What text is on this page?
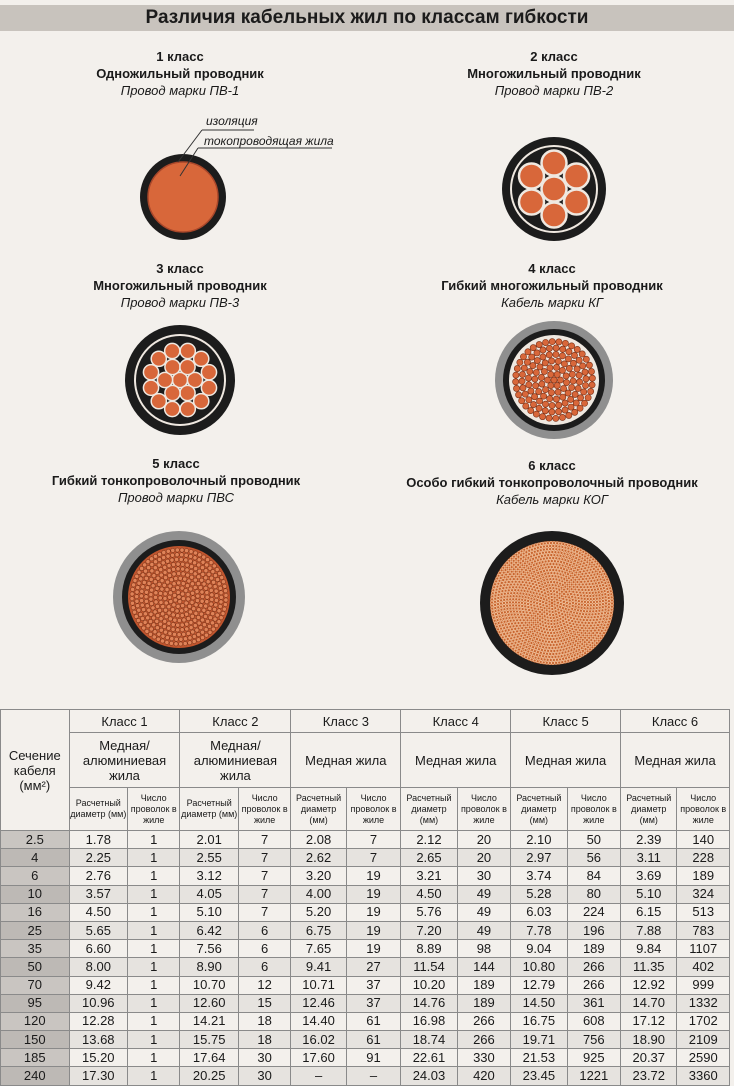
Различия кабельных жил по классам гибкости
1 класс
Одножильный проводник
Провод марки ПВ-1
2 класс
Многожильный проводник
Провод марки ПВ-2
3 класс
Многожильный проводник
Провод марки ПВ-3
4 класс
Гибкий многожильный проводник
Кабель марки КГ
5 класс
Гибкий тонкопроволочный проводник
Провод марки ПВС
6 класс
Особо гибкий тонкопроволочный проводник
Кабель марки КОГ
изоляция
токопроводящая жила
Сечение кабеля (мм²)	Класс 1		Класс 2		Класс 3		Класс 4		Класс 5		Класс 6	
	Медная/ алюминиевая жила		Медная/ алюминиевая жила		Медная жила		Медная жила		Медная жила		Медная жила	
	Расчетный диаметр (мм)	Число проволок в жиле	Расчетный диаметр (мм)	Число проволок в жиле	Расчетный диаметр (мм)	Число проволок в жиле	Расчетный диаметр (мм)	Число проволок в жиле	Расчетный диаметр (мм)	Число проволок в жиле	Расчетный диаметр (мм)	Число проволок в жиле
2.5	1.78	1	2.01	7	2.08	7	2.12	20	2.10	50	2.39	140
4	2.25	1	2.55	7	2.62	7	2.65	20	2.97	56	3.11	228
6	2.76	1	3.12	7	3.20	19	3.21	30	3.74	84	3.69	189
10	3.57	1	4.05	7	4.00	19	4.50	49	5.28	80	5.10	324
16	4.50	1	5.10	7	5.20	19	5.76	49	6.03	224	6.15	513
25	5.65	1	6.42	6	6.75	19	7.20	49	7.78	196	7.88	783
35	6.60	1	7.56	6	7.65	19	8.89	98	9.04	189	9.84	1107
50	8.00	1	8.90	6	9.41	27	11.54	144	10.80	266	11.35	402
70	9.42	1	10.70	12	10.71	37	10.20	189	12.79	266	12.92	999
95	10.96	1	12.60	15	12.46	37	14.76	189	14.50	361	14.70	1332
120	12.28	1	14.21	18	14.40	61	16.98	266	16.75	608	17.12	1702
150	13.68	1	15.75	18	16.02	61	18.74	266	19.71	756	18.90	2109
185	15.20	1	17.64	30	17.60	91	22.61	330	21.53	925	20.37	2590
240	17.30	1	20.25	30	–	–	24.03	420	23.45	1221	23.72	3360
